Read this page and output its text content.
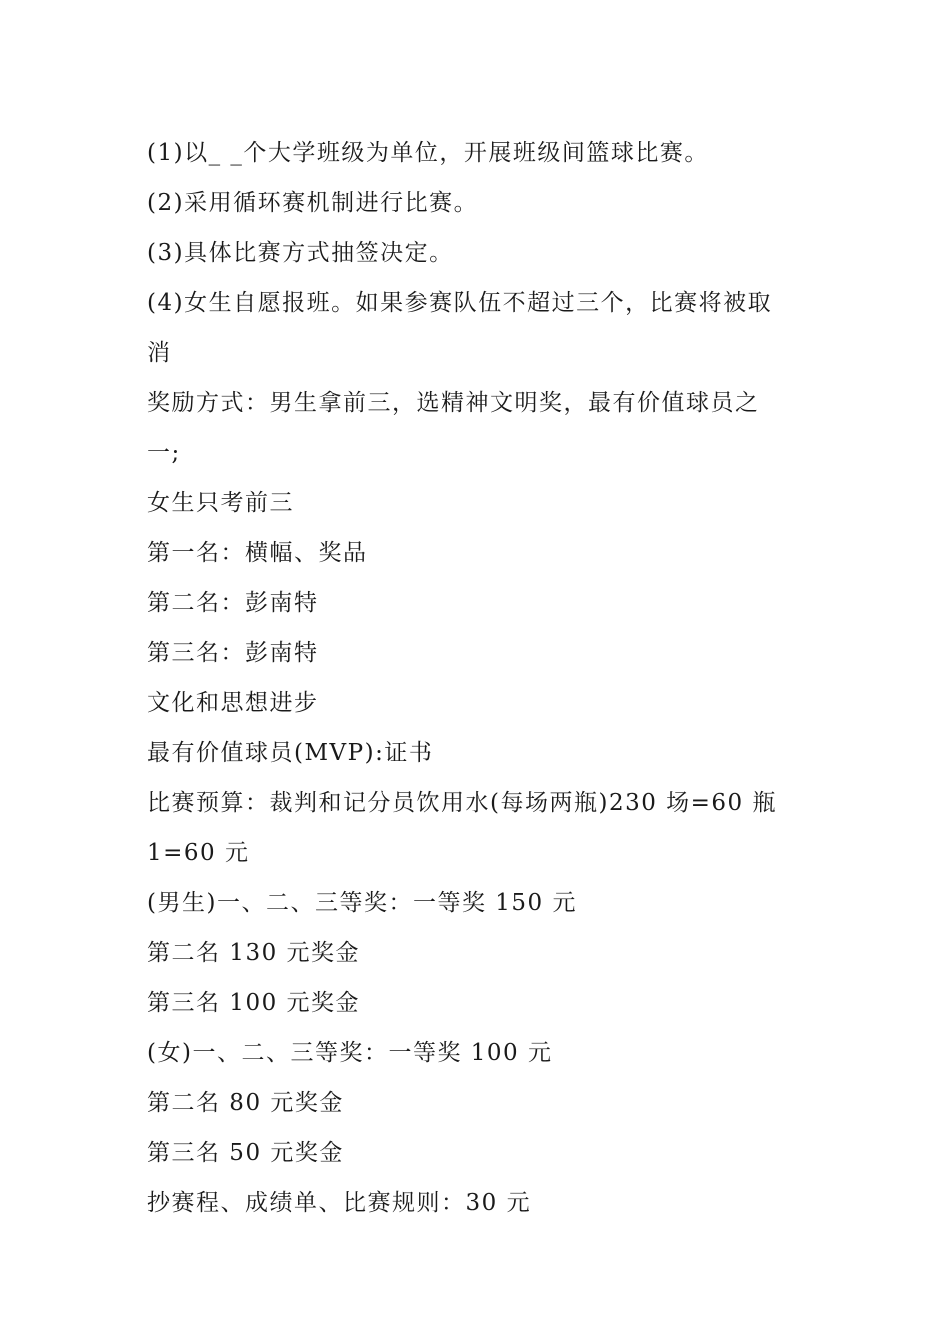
(1)以_ _个大学班级为单位，开展班级间篮球比赛。
(2)采用循环赛机制进行比赛。
(3)具体比赛方式抽签决定。
(4)女生自愿报班。如果参赛队伍不超过三个，比赛将被取
消
奖励方式：男生拿前三，选精神文明奖，最有价值球员之
一;
女生只考前三
第一名：横幅、奖品
第二名：彭南特
第三名：彭南特
文化和思想进步
最有价值球员(MVP):证书
比赛预算：裁判和记分员饮用水(每场两瓶)230 场=60 瓶
1=60 元
(男生)一、二、三等奖：一等奖 150 元
第二名 130 元奖金
第三名 100 元奖金
(女)一、二、三等奖：一等奖 100 元
第二名 80 元奖金
第三名 50 元奖金
抄赛程、成绩单、比赛规则：30 元
